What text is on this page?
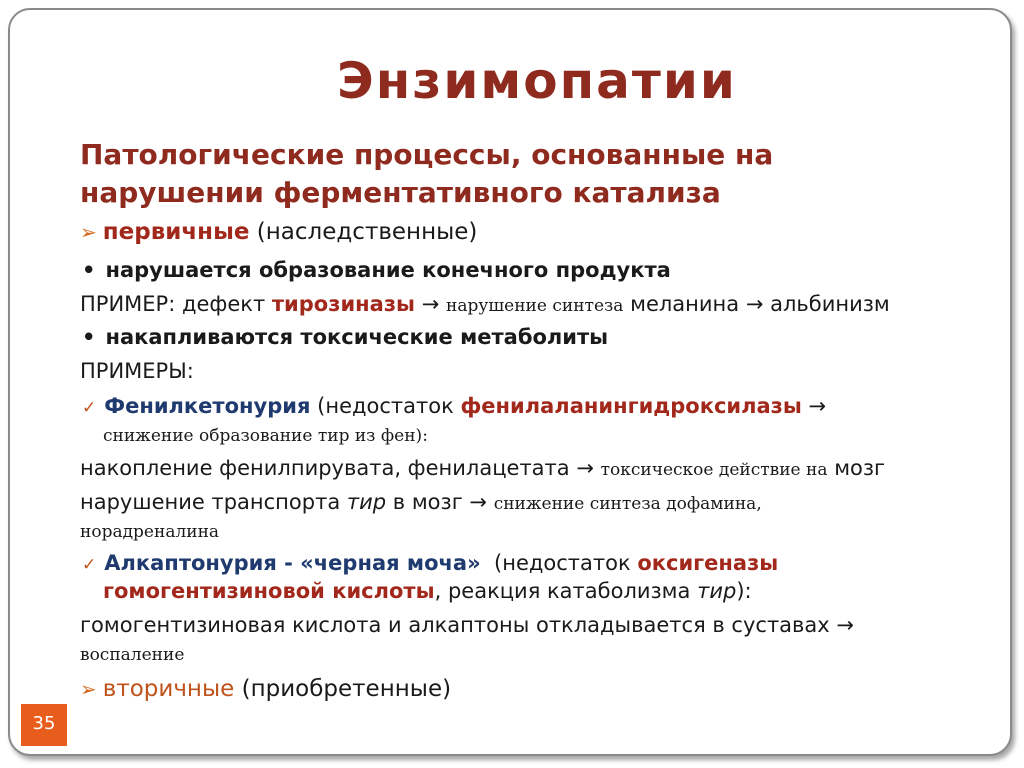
Энзимопатии
Патологические процессы, основанные на
нарушении ферментативного катализа
➢ первичные (наследственные)
• нарушается образование конечного продукта
ПРИМЕР: дефект тирозиназы → нарушение синтеза меланина → альбинизм
• накапливаются токсические метаболиты
ПРИМЕРЫ:
✓ Фенилкетонурия (недостаток фенилаланингидроксилазы →
снижение образование тир из фен):
накопление фенилпирувата, фенилацетата → токсическое действие на мозг
нарушение транспорта тир в мозг → снижение синтеза дофамина,
норадреналина
✓ Алкаптонурия - «черная моча» (недостаток оксигеназы
гомогентизиновой кислоты, реакция катаболизма тир):
гомогентизиновая кислота и алкаптоны откладывается в суставах →
воспаление
➢ вторичные (приобретенные)
35
